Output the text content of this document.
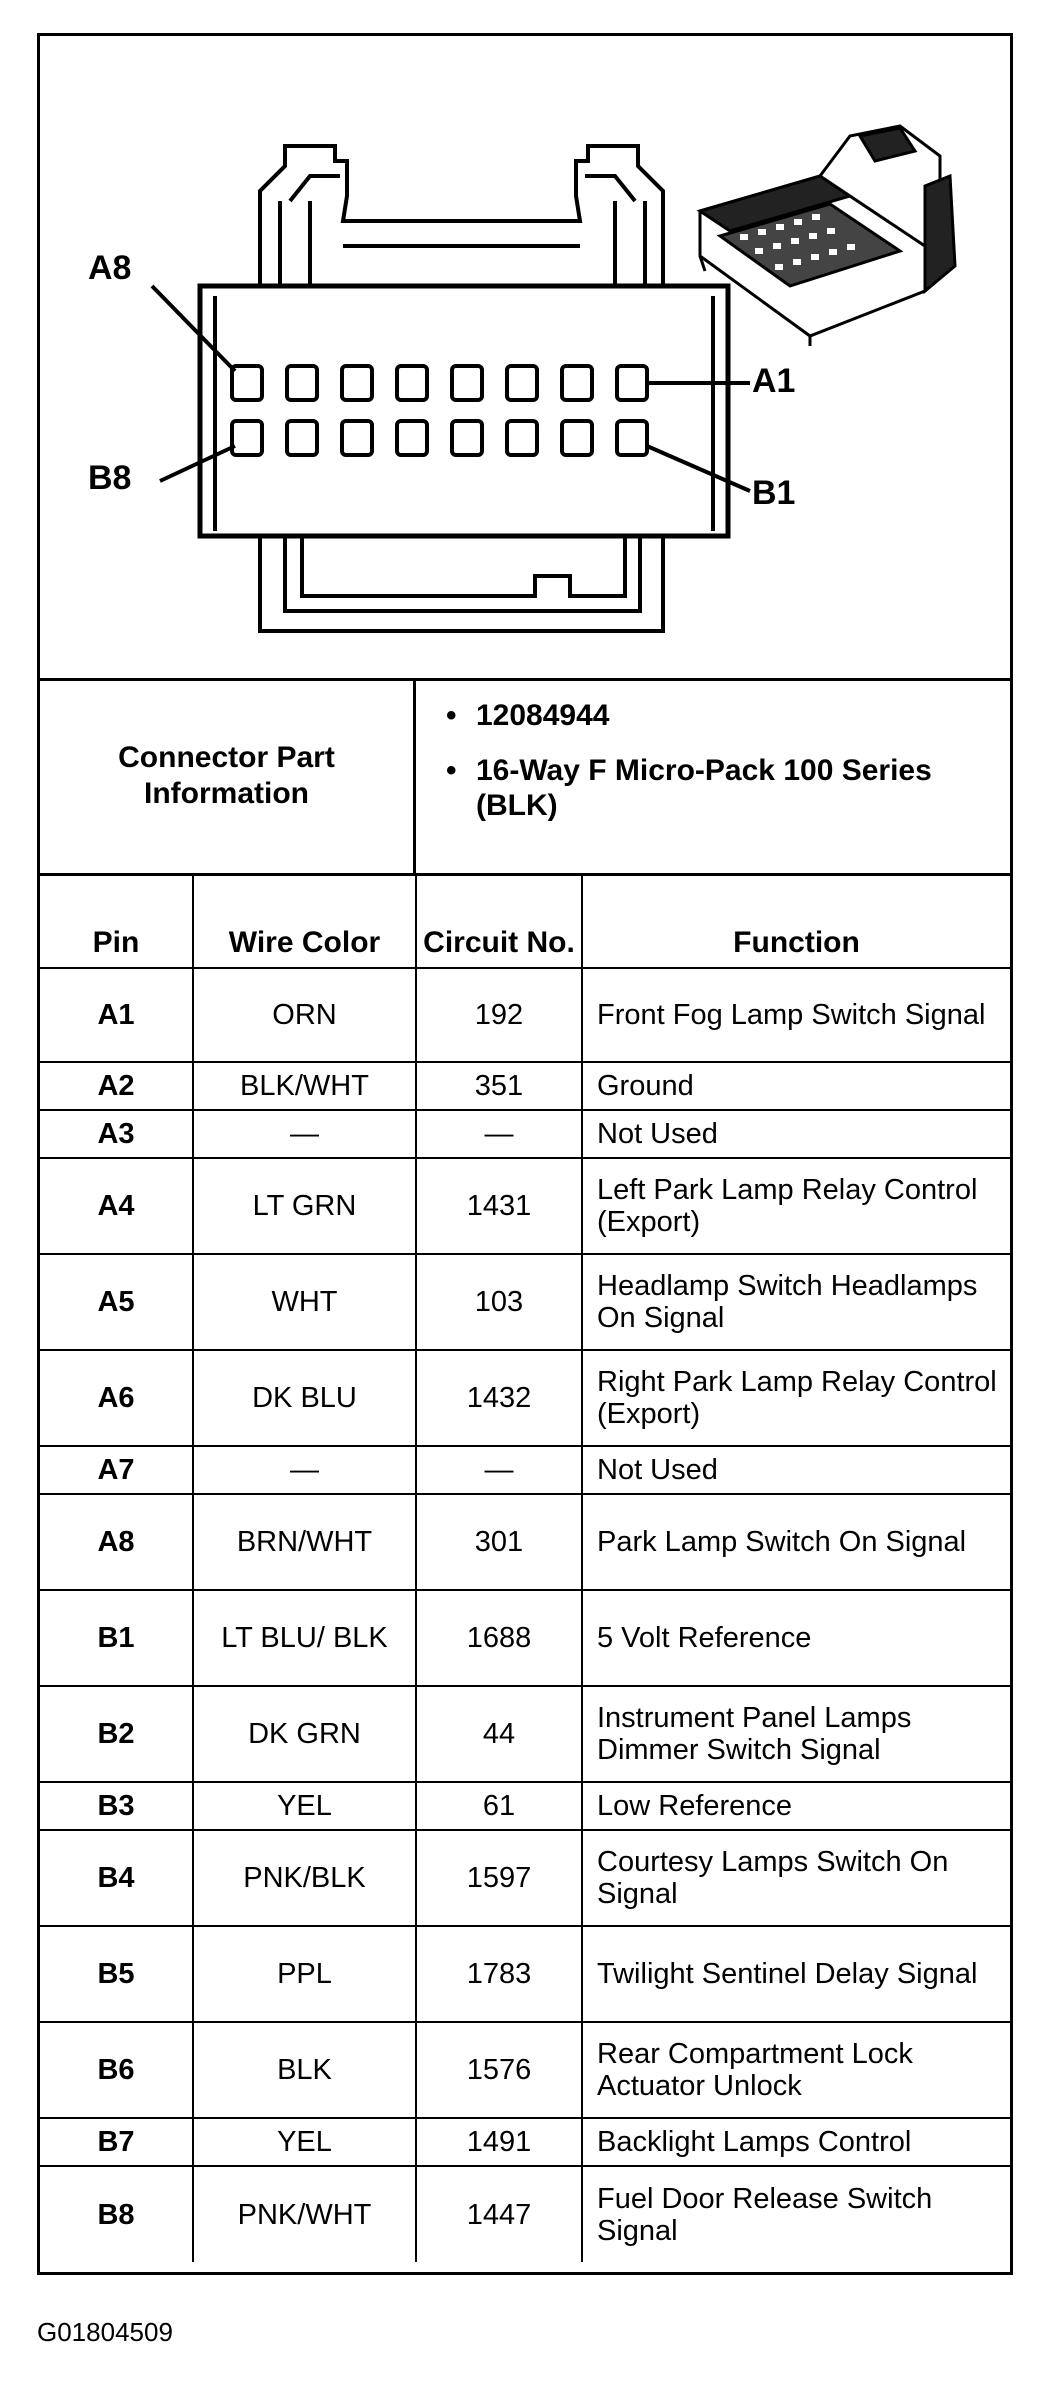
A8
A1
B8	B1
Connector Part Information
• 12084944
• 16-Way F Micro-Pack 100 Series (BLK)
Pin	Wire Color	Circuit No.	Function
A1	ORN	192	Front Fog Lamp Switch Signal
A2	BLK/WHT	351	Ground
A3	—	—	Not Used
A4	LT GRN	1431	Left Park Lamp Relay Control (Export)
A5	WHT	103	Headlamp Switch Headlamps On Signal
A6	DK BLU	1432	Right Park Lamp Relay Control (Export)
A7	—	—	Not Used
A8	BRN/WHT	301	Park Lamp Switch On Signal
B1	LT BLU/ BLK	1688	5 Volt Reference
B2	DK GRN	44	Instrument Panel Lamps Dimmer Switch Signal
B3	YEL	61	Low Reference
B4	PNK/BLK	1597	Courtesy Lamps Switch On Signal
B5	PPL	1783	Twilight Sentinel Delay Signal
B6	BLK	1576	Rear Compartment Lock Actuator Unlock
B7	YEL	1491	Backlight Lamps Control
B8	PNK/WHT	1447	Fuel Door Release Switch Signal
G01804509
